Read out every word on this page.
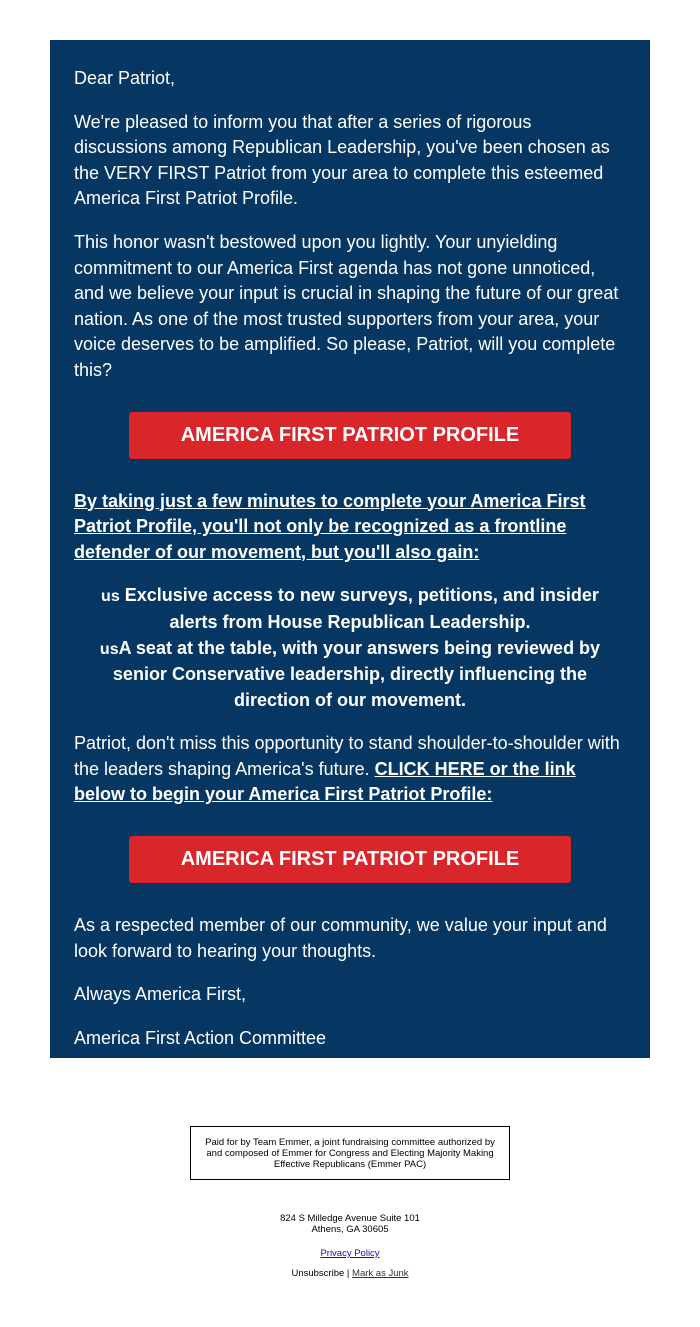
Dear Patriot,

We're pleased to inform you that after a series of rigorous discussions among Republican Leadership, you've been chosen as the VERY FIRST Patriot from your area to complete this esteemed America First Patriot Profile.

This honor wasn't bestowed upon you lightly. Your unyielding commitment to our America First agenda has not gone unnoticed, and we believe your input is crucial in shaping the future of our great nation. As one of the most trusted supporters from your area, your voice deserves to be amplified. So please, Patriot, will you complete this?

AMERICA FIRST PATRIOT PROFILE

By taking just a few minutes to complete your America First Patriot Profile, you'll not only be recognized as a frontline defender of our movement, but you'll also gain:

us Exclusive access to new surveys, petitions, and insider alerts from House Republican Leadership.
usA seat at the table, with your answers being reviewed by senior Conservative leadership, directly influencing the direction of our movement.

Patriot, don't miss this opportunity to stand shoulder-to-shoulder with the leaders shaping America's future. CLICK HERE or the link below to begin your America First Patriot Profile:

AMERICA FIRST PATRIOT PROFILE

As a respected member of our community, we value your input and look forward to hearing your thoughts.

Always America First,

America First Action Committee

Paid for by Team Emmer, a joint fundraising committee authorized by and composed of Emmer for Congress and Electing Majority Making Effective Republicans (Emmer PAC)
824 S Milledge Avenue Suite 101
Athens, GA 30605
Privacy Policy
Unsubscribe | Mark as Junk
